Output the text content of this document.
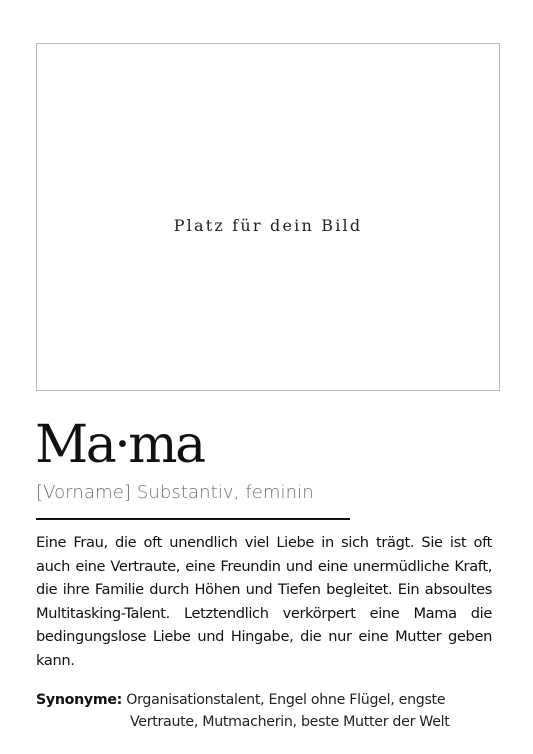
Platz für dein Bild
Ma·ma
[Vorname] Substantiv, feminin

Eine Frau, die oft unendlich viel Liebe in sich trägt. Sie ist oft auch eine Vertraute, eine Freundin und eine unermüdliche Kraft, die ihre Familie durch Höhen und Tiefen begleitet. Ein absoultes Multitasking-Talent. Letztendlich verkörpert eine Mama die bedingungslose Liebe und Hingabe, die nur eine Mutter geben kann.

Synonyme: Organisationstalent, Engel ohne Flügel, engste
Vertraute, Mutmacherin, beste Mutter der Welt
